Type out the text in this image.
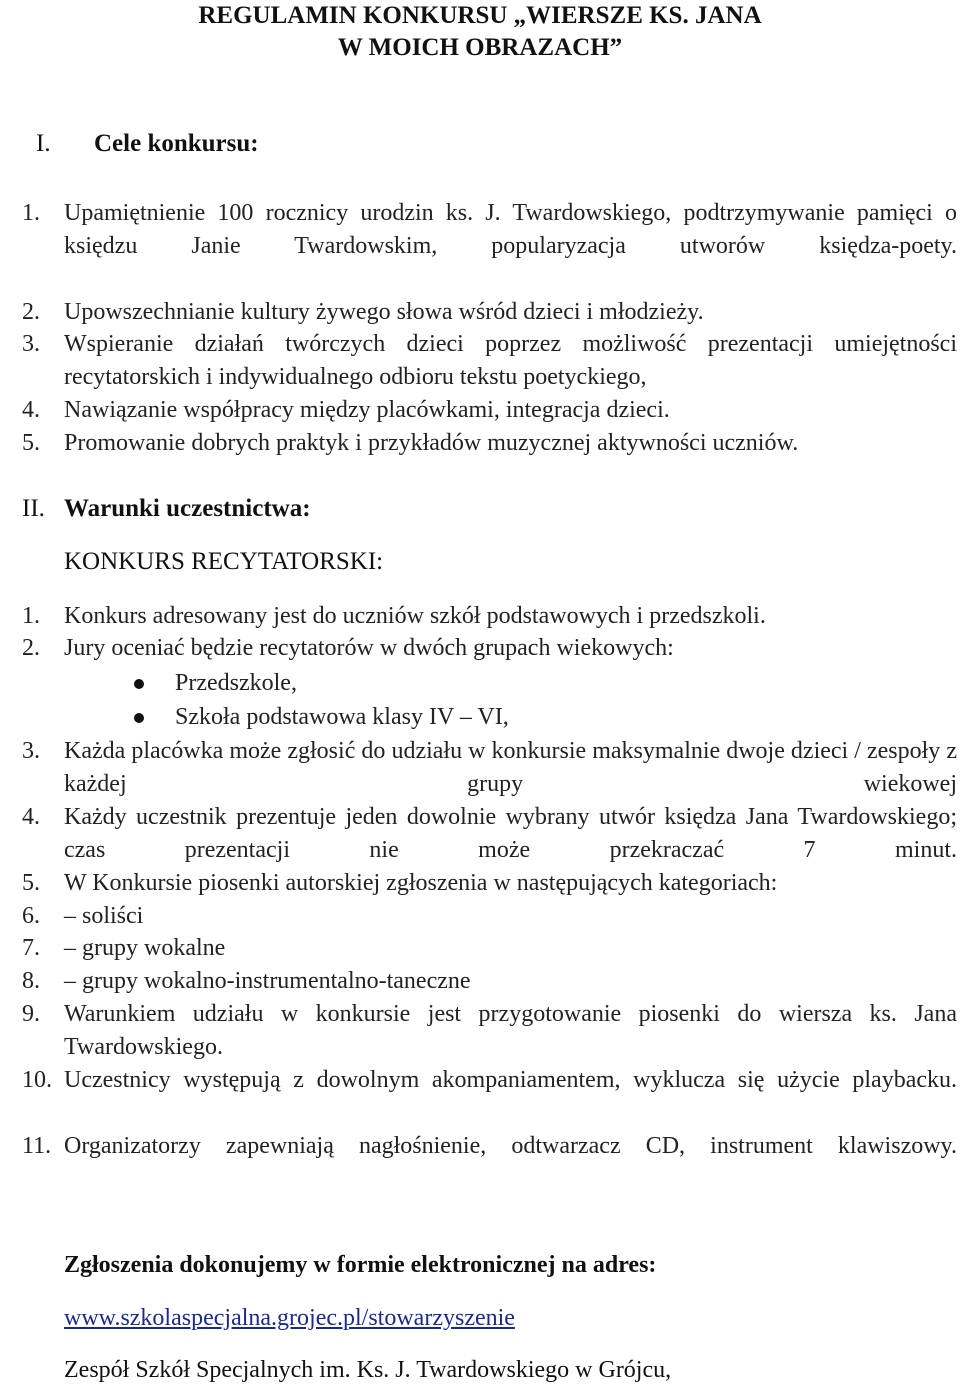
REGULAMIN KONKURSU „WIERSZE KS. JANA
W MOICH OBRAZACH”
I. Cele konkursu:
1. Upamiętnienie 100 rocznicy urodzin ks. J. Twardowskiego, podtrzymywanie pamięci o księdzu Janie Twardowskim, popularyzacja utworów księdza-poety.
2. Upowszechnianie kultury żywego słowa wśród dzieci i młodzieży.
3. Wspieranie działań twórczych dzieci poprzez możliwość prezentacji umiejętności recytatorskich i indywidualnego odbioru tekstu poetyckiego,
4. Nawiązanie współpracy między placówkami, integracja dzieci.
5. Promowanie dobrych praktyk i przykładów muzycznej aktywności uczniów.
II. Warunki uczestnictwa:
KONKURS RECYTATORSKI:
1. Konkurs adresowany jest do uczniów szkół podstawowych i przedszkoli.
2. Jury oceniać będzie recytatorów w dwóch grupach wiekowych:
Przedszkole,
Szkoła podstawowa klasy IV – VI,
3. Każda placówka może zgłosić do udziału w konkursie maksymalnie dwoje dzieci / zespoły z każdej grupy wiekowej
4. Każdy uczestnik prezentuje jeden dowolnie wybrany utwór księdza Jana Twardowskiego; czas prezentacji nie może przekraczać 7 minut.
5. W Konkursie piosenki autorskiej zgłoszenia w następujących kategoriach:
6. – soliści
7. – grupy wokalne
8. – grupy wokalno-instrumentalno-taneczne
9. Warunkiem udziału w konkursie jest przygotowanie piosenki do wiersza ks. Jana Twardowskiego.
10. Uczestnicy występują z dowolnym akompaniamentem, wyklucza się użycie playbacku.
11. Organizatorzy zapewniają nagłośnienie, odtwarzacz CD, instrument klawiszowy.
Zgłoszenia dokonujemy w formie elektronicznej na adres:
www.szkolaspecjalna.grojec.pl/stowarzyszenie
Zespół Szkół Specjalnych im. Ks. J. Twardowskiego w Grójcu,
